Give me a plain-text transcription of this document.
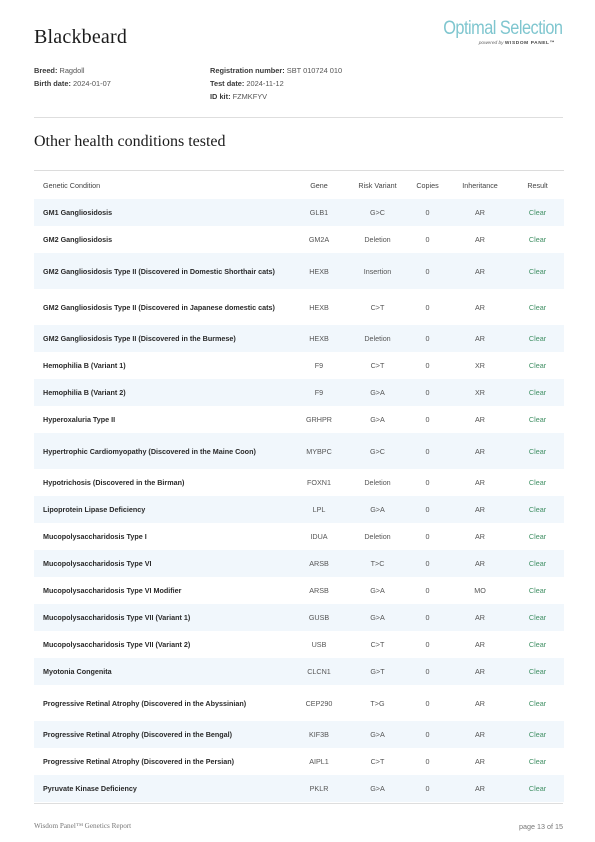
Blackbeard	Optimal Selection
powered by WISDOM PANEL™
Breed: Ragdoll
Birth date: 2024-01-07
Registration number: SBT 010724 010
Test date: 2024-11-12
ID kit: FZMKFYV
Other health conditions tested
Genetic Condition	Gene	Risk Variant	Copies	Inheritance	Result
GM1 Gangliosidosis	GLB1	G>C	0	AR	Clear
GM2 Gangliosidosis	GM2A	Deletion	0	AR	Clear
GM2 Gangliosidosis Type II (Discovered in Domestic Shorthair cats)	HEXB	Insertion	0	AR	Clear
GM2 Gangliosidosis Type II (Discovered in Japanese domestic cats)	HEXB	C>T	0	AR	Clear
GM2 Gangliosidosis Type II (Discovered in the Burmese)	HEXB	Deletion	0	AR	Clear
Hemophilia B (Variant 1)	F9	C>T	0	XR	Clear
Hemophilia B (Variant 2)	F9	G>A	0	XR	Clear
Hyperoxaluria Type II	GRHPR	G>A	0	AR	Clear
Hypertrophic Cardiomyopathy (Discovered in the Maine Coon)	MYBPC	G>C	0	AR	Clear
Hypotrichosis (Discovered in the Birman)	FOXN1	Deletion	0	AR	Clear
Lipoprotein Lipase Deficiency	LPL	G>A	0	AR	Clear
Mucopolysaccharidosis Type I	IDUA	Deletion	0	AR	Clear
Mucopolysaccharidosis Type VI	ARSB	T>C	0	AR	Clear
Mucopolysaccharidosis Type VI Modifier	ARSB	G>A	0	MO	Clear
Mucopolysaccharidosis Type VII (Variant 1)	GUSB	G>A	0	AR	Clear
Mucopolysaccharidosis Type VII (Variant 2)	USB	C>T	0	AR	Clear
Myotonia Congenita	CLCN1	G>T	0	AR	Clear
Progressive Retinal Atrophy (Discovered in the Abyssinian)	CEP290	T>G	0	AR	Clear
Progressive Retinal Atrophy (Discovered in the Bengal)	KIF3B	G>A	0	AR	Clear
Progressive Retinal Atrophy (Discovered in the Persian)	AIPL1	C>T	0	AR	Clear
Pyruvate Kinase Deficiency	PKLR	G>A	0	AR	Clear
Wisdom Panel™ Genetics Report	page 13 of 15
